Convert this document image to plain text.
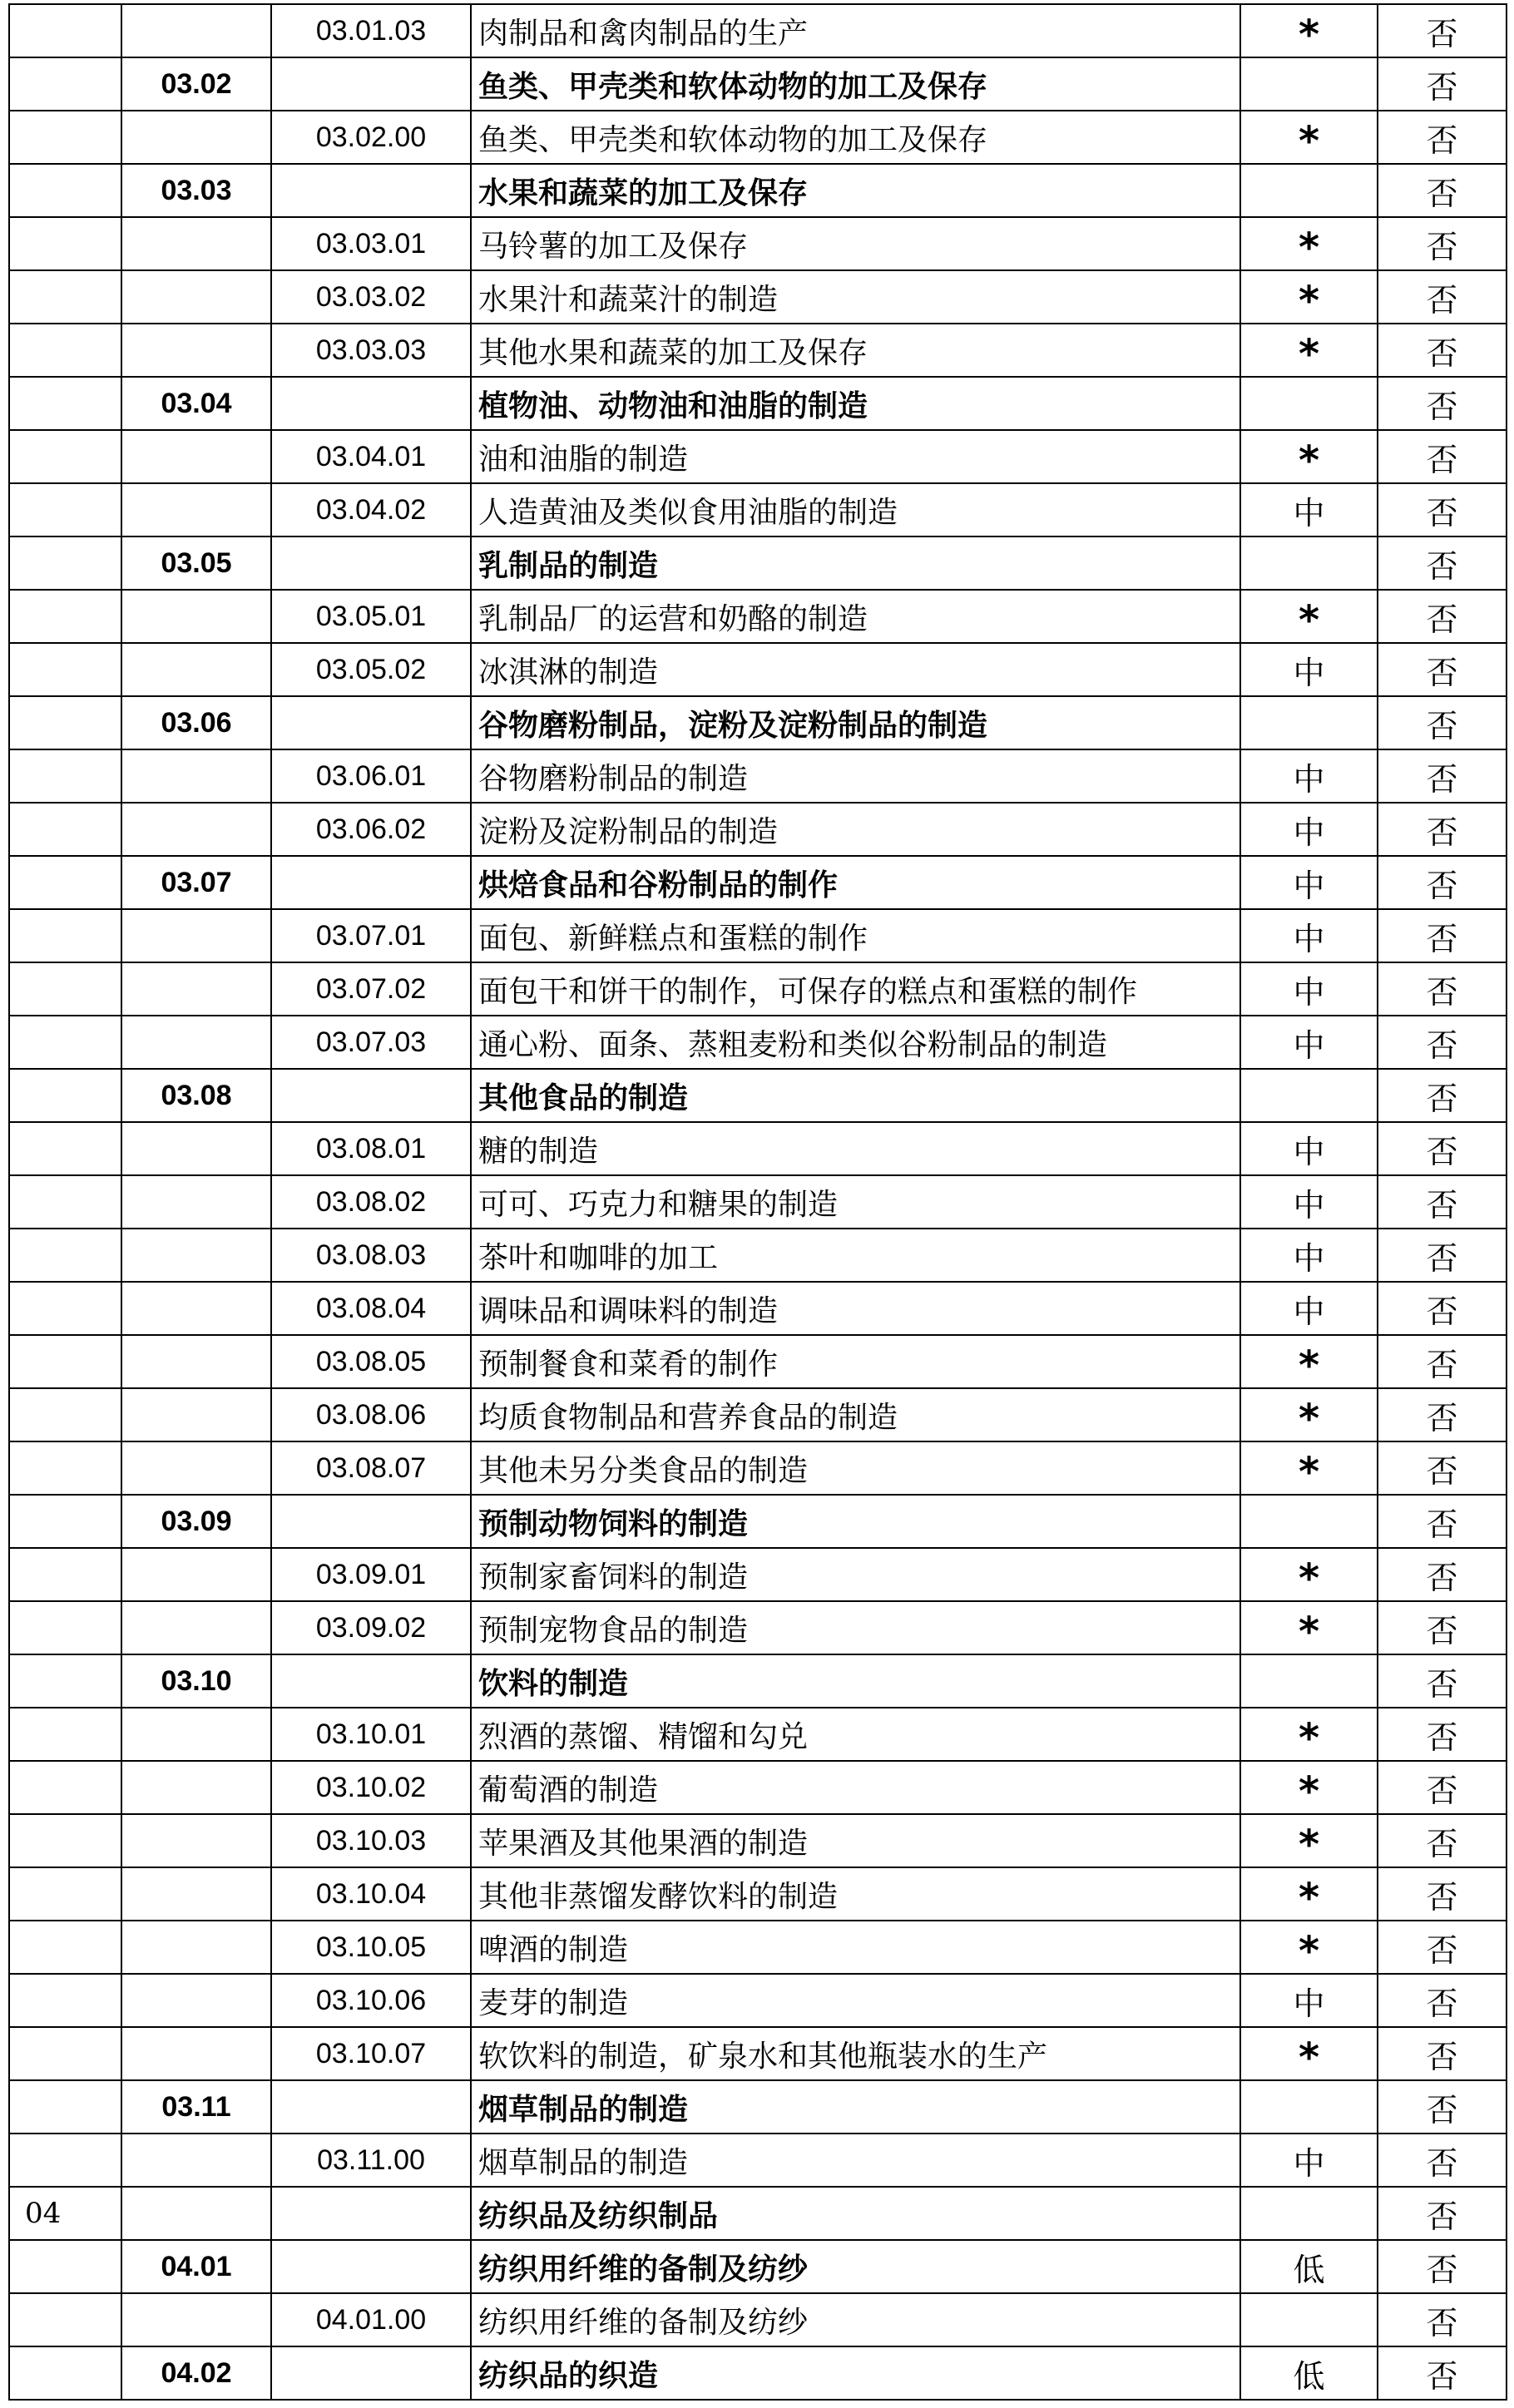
		03.01.03	肉制品和禽肉制品的生产	*	否
	03.02		鱼类、甲壳类和软体动物的加工及保存		否
		03.02.00	鱼类、甲壳类和软体动物的加工及保存	*	否
	03.03		水果和蔬菜的加工及保存		否
		03.03.01	马铃薯的加工及保存	*	否
		03.03.02	水果汁和蔬菜汁的制造	*	否
		03.03.03	其他水果和蔬菜的加工及保存	*	否
	03.04		植物油、动物油和油脂的制造		否
		03.04.01	油和油脂的制造	*	否
		03.04.02	人造黄油及类似食用油脂的制造	中	否
	03.05		乳制品的制造		否
		03.05.01	乳制品厂的运营和奶酪的制造	*	否
		03.05.02	冰淇淋的制造	中	否
	03.06		谷物磨粉制品，淀粉及淀粉制品的制造		否
		03.06.01	谷物磨粉制品的制造	中	否
		03.06.02	淀粉及淀粉制品的制造	中	否
	03.07		烘焙食品和谷粉制品的制作	中	否
		03.07.01	面包、新鲜糕点和蛋糕的制作	中	否
		03.07.02	面包干和饼干的制作，可保存的糕点和蛋糕的制作	中	否
		03.07.03	通心粉、面条、蒸粗麦粉和类似谷粉制品的制造	中	否
	03.08		其他食品的制造		否
		03.08.01	糖的制造	中	否
		03.08.02	可可、巧克力和糖果的制造	中	否
		03.08.03	茶叶和咖啡的加工	中	否
		03.08.04	调味品和调味料的制造	中	否
		03.08.05	预制餐食和菜肴的制作	*	否
		03.08.06	均质食物制品和营养食品的制造	*	否
		03.08.07	其他未另分类食品的制造	*	否
	03.09		预制动物饲料的制造		否
		03.09.01	预制家畜饲料的制造	*	否
		03.09.02	预制宠物食品的制造	*	否
	03.10		饮料的制造		否
		03.10.01	烈酒的蒸馏、精馏和勾兑	*	否
		03.10.02	葡萄酒的制造	*	否
		03.10.03	苹果酒及其他果酒的制造	*	否
		03.10.04	其他非蒸馏发酵饮料的制造	*	否
		03.10.05	啤酒的制造	*	否
		03.10.06	麦芽的制造	中	否
		03.10.07	软饮料的制造，矿泉水和其他瓶装水的生产	*	否
	03.11		烟草制品的制造		否
		03.11.00	烟草制品的制造	中	否
04			纺织品及纺织制品		否
	04.01		纺织用纤维的备制及纺纱	低	否
		04.01.00	纺织用纤维的备制及纺纱		否
	04.02		纺织品的织造	低	否
